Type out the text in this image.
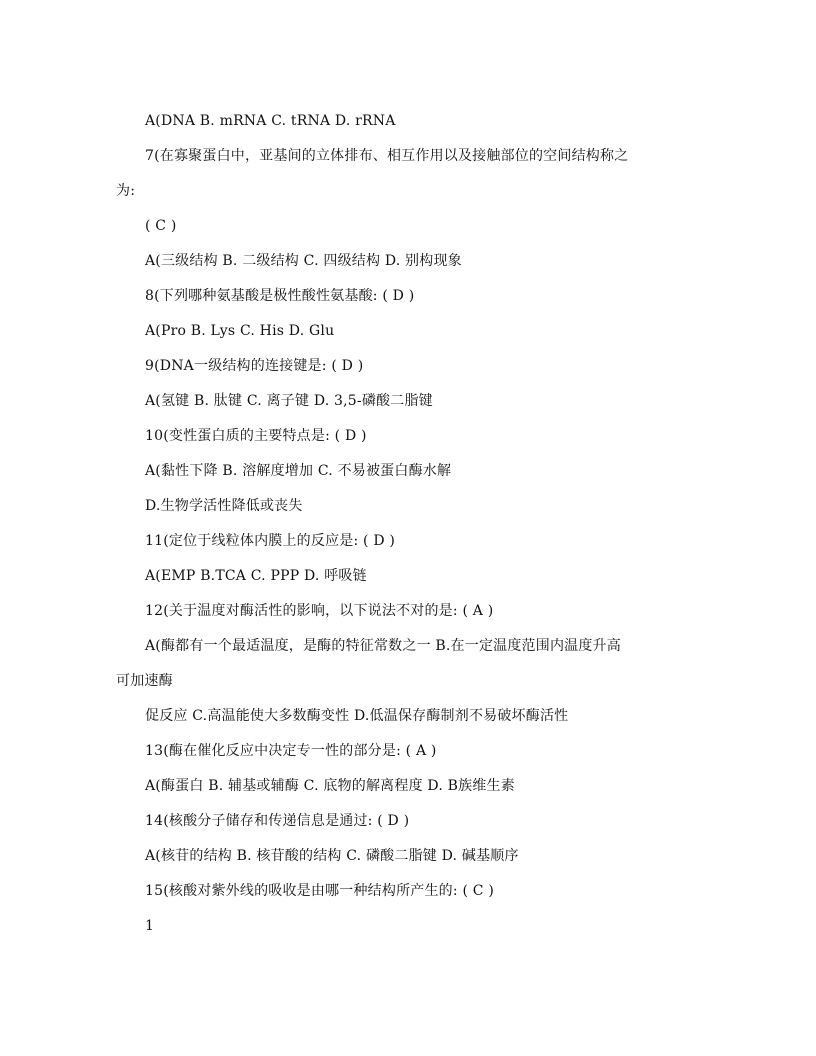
A(DNA B. mRNA C. tRNA D. rRNA
7(在寡聚蛋白中，亚基间的立体排布、相互作用以及接触部位的空间结构称之
为:
( C )
A(三级结构 B. 二级结构 C. 四级结构 D. 别构现象
8(下列哪种氨基酸是极性酸性氨基酸: ( D )
A(Pro B. Lys C. His D. Glu
9(DNA一级结构的连接键是: ( D )
A(氢键 B. 肽键 C. 离子键 D. 3,5-磷酸二脂键
10(变性蛋白质的主要特点是: ( D )
A(黏性下降 B. 溶解度增加 C. 不易被蛋白酶水解
D.生物学活性降低或丧失
11(定位于线粒体内膜上的反应是: ( D )
A(EMP B.TCA C. PPP D. 呼吸链
12(关于温度对酶活性的影响，以下说法不对的是: ( A )
A(酶都有一个最适温度，是酶的特征常数之一 B.在一定温度范围内温度升高
可加速酶
促反应 C.高温能使大多数酶变性 D.低温保存酶制剂不易破坏酶活性
13(酶在催化反应中决定专一性的部分是: ( A )
A(酶蛋白 B. 辅基或辅酶 C. 底物的解离程度 D. B族维生素
14(核酸分子储存和传递信息是通过: ( D )
A(核苷的结构 B. 核苷酸的结构 C. 磷酸二脂键 D. 碱基顺序
15(核酸对紫外线的吸收是由哪一种结构所产生的: ( C )
1
